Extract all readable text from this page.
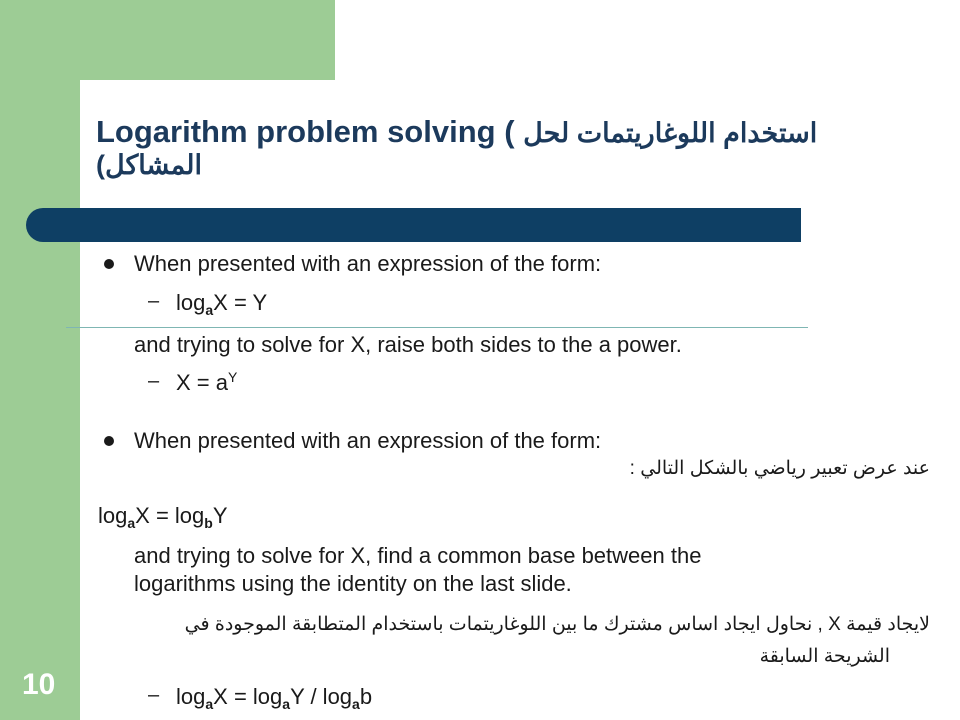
10
Logarithm problem solving ( استخدام اللوغاريتمات لحل
المشاكل)
When presented with an expression of the form:
– $\log_aX = Y$
and trying to solve for X, raise both sides to the a power.
– $X = a^Y$
When presented with an expression of the form:
عند عرض تعبير رياضي بالشكل التالي :
$\log_aX = \log_bY$
and trying to solve for X, find a common base between the
logarithms using the identity on the last slide.
لايجاد قيمة X , نحاول ايجاد اساس مشترك ما بين اللوغاريتمات باستخدام المتطابقة الموجودة في
الشريحة السابقة
– $\log_aX = \log_aY / \log_ab$
